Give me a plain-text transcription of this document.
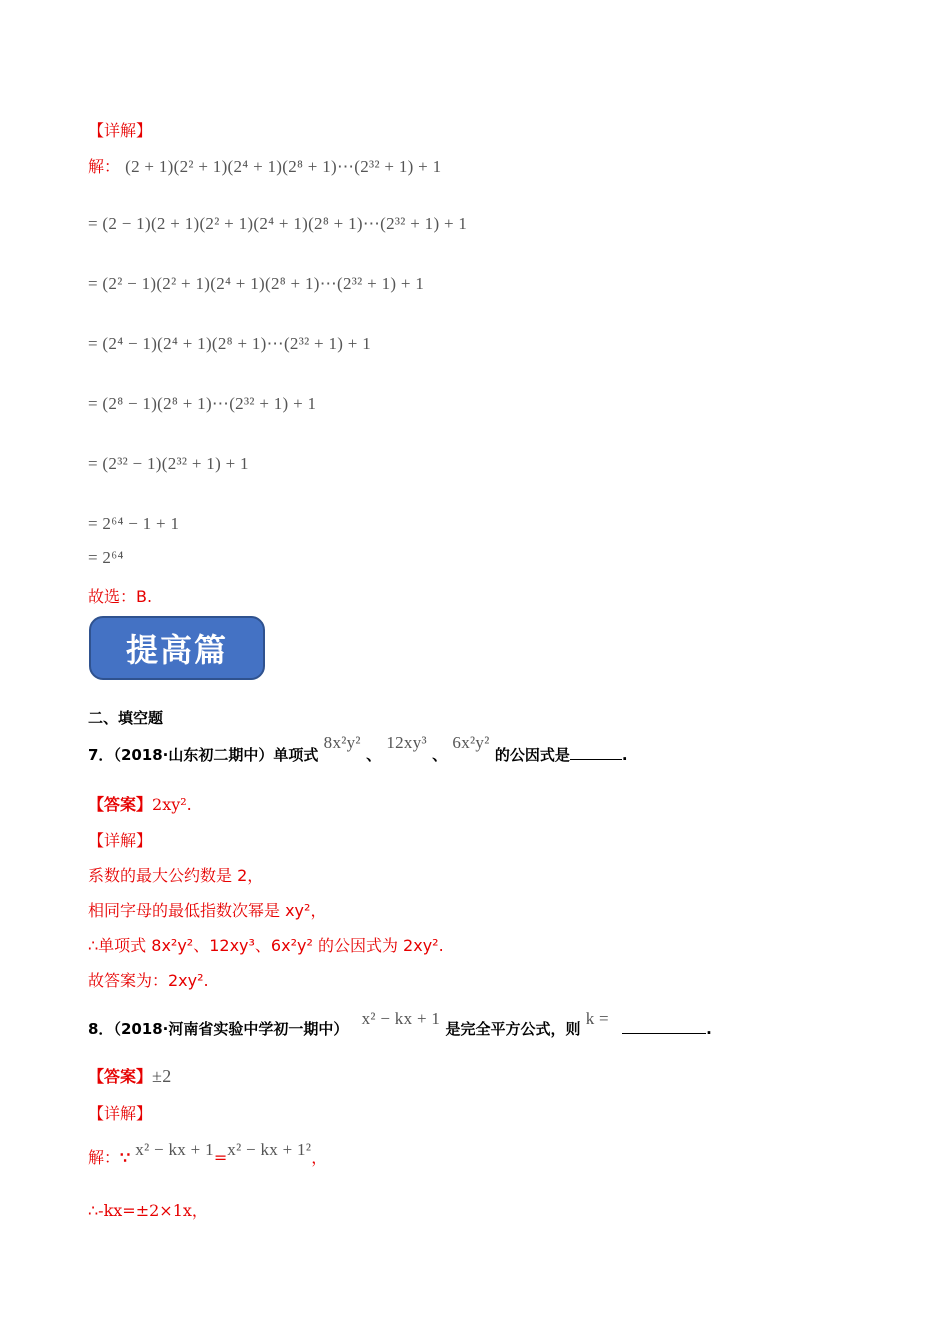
【详解】
解： (2 + 1)(2² + 1)(2⁴ + 1)(2⁸ + 1)⋯(2³² + 1) + 1
= (2 − 1)(2 + 1)(2² + 1)(2⁴ + 1)(2⁸ + 1)⋯(2³² + 1) + 1
= (2² − 1)(2² + 1)(2⁴ + 1)(2⁸ + 1)⋯(2³² + 1) + 1
= (2⁴ − 1)(2⁴ + 1)(2⁸ + 1)⋯(2³² + 1) + 1
= (2⁸ − 1)(2⁸ + 1)⋯(2³² + 1) + 1
= (2³² − 1)(2³² + 1) + 1
= 2⁶⁴ − 1 + 1
= 2⁶⁴
故选：B.
提高篇
二、填空题
7．（2018·山东初二期中）单项式 8x²y² 、 12xy³ 、 6x²y² 的公因式是	.
【答案】2xy².
【详解】
系数的最大公约数是 2，
相同字母的最低指数次幂是 xy²，
∴单项式 8x²y²、12xy³、6x²y² 的公因式为 2xy².
故答案为：2xy².
8．（2018·河南省实验中学初一期中） x² − kx + 1 是完全平方公式，则 k = .
【答案】±2
【详解】
解：∵ x² − kx + 1=x² − kx + 1²，
∴-kx=±2×1x，
